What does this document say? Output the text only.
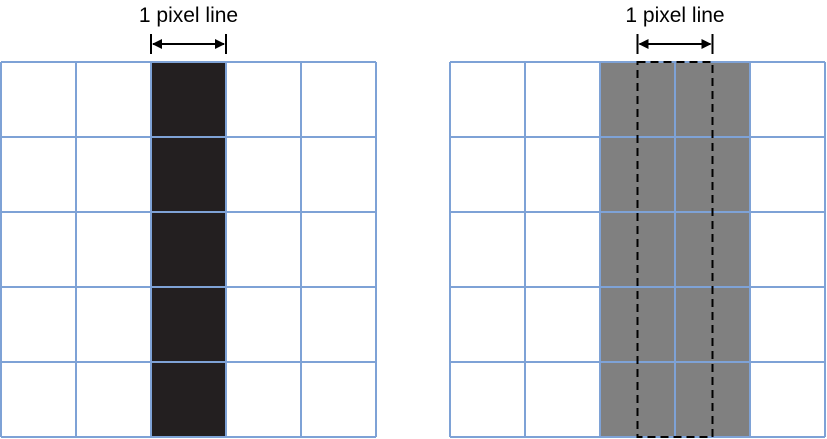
1 pixel line	1 pixel line
